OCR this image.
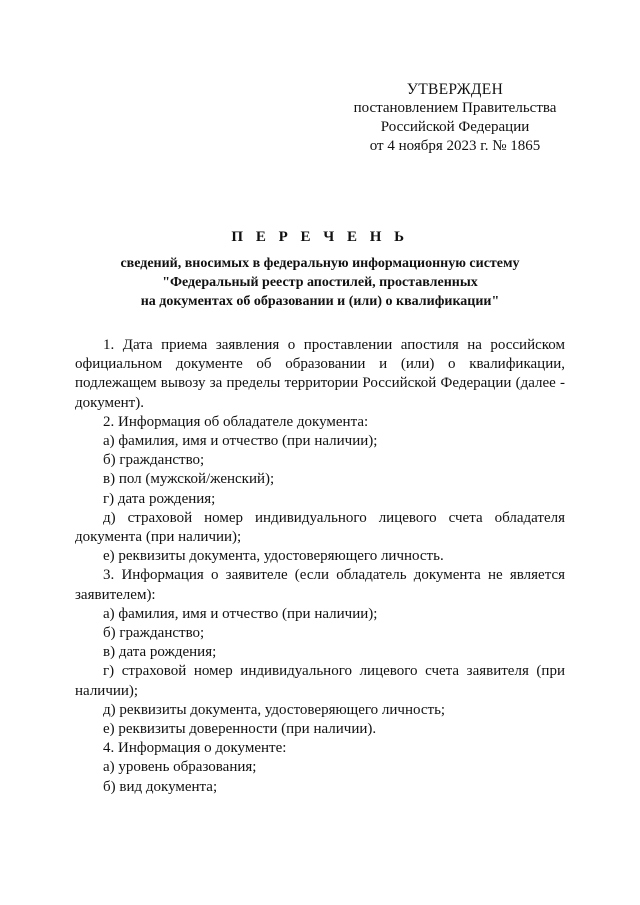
УТВЕРЖДЕН
постановлением Правительства
Российской Федерации
от 4 ноября 2023 г. № 1865
П Е Р Е Ч Е Н Ь
сведений, вносимых в федеральную информационную систему
"Федеральный реестр апостилей, проставленных
на документах об образовании и (или) о квалификации"

1. Дата приема заявления о проставлении апостиля на российском официальном документе об образовании и (или) о квалификации, подлежащем вывозу за пределы территории Российской Федерации (далее - документ).

2. Информация об обладателе документа:

а) фамилия, имя и отчество (при наличии);

б) гражданство;

в) пол (мужской/женский);

г) дата рождения;

д) страховой номер индивидуального лицевого счета обладателя документа (при наличии);

е) реквизиты документа, удостоверяющего личность.

3. Информация о заявителе (если обладатель документа не является заявителем):

а) фамилия, имя и отчество (при наличии);

б) гражданство;

в) дата рождения;

г) страховой номер индивидуального лицевого счета заявителя (при наличии);

д) реквизиты документа, удостоверяющего личность;

е) реквизиты доверенности (при наличии).

4. Информация о документе:

а) уровень образования;

б) вид документа;
